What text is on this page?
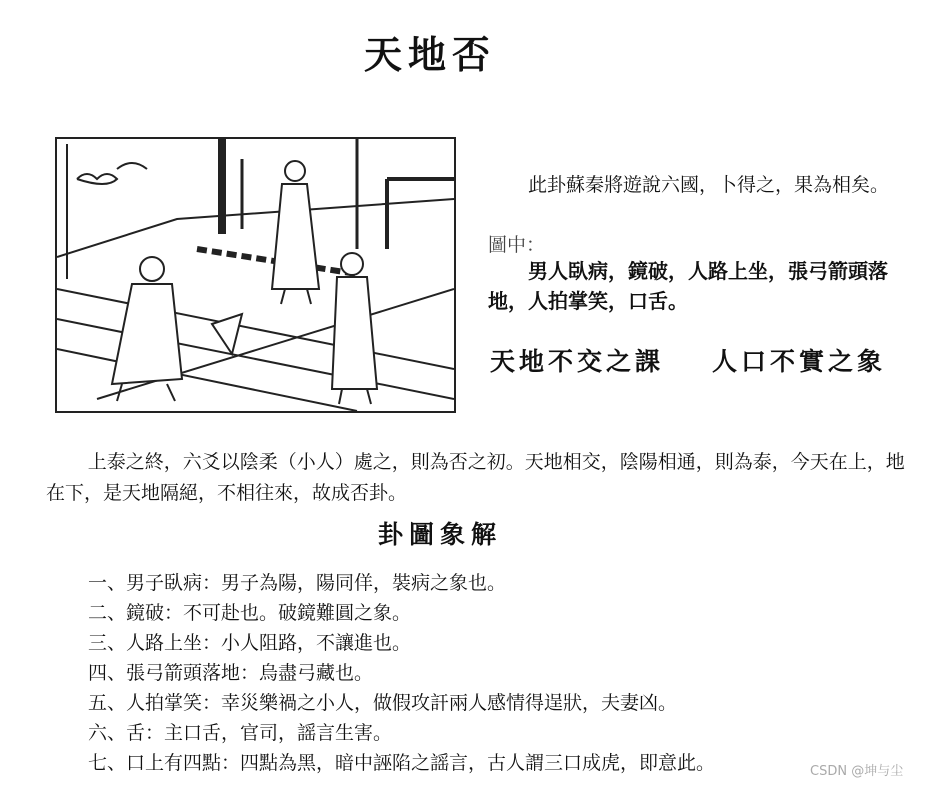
天地否
此卦蘇秦將遊說六國，卜得之，果為相矣。
圖中：
男人臥病，鏡破，人路上坐，張弓箭頭落地，人拍掌笑，口舌。
天地不交之課 人口不實之象
上泰之終，六爻以陰柔（小人）處之，則為否之初。天地相交，陰陽相通，則為泰，今天在上，地在下，是天地隔絕，不相往來，故成否卦。
卦圖象解
一、男子臥病：男子為陽，陽同佯，裝病之象也。
二、鏡破：不可赴也。破鏡難圓之象。
三、人路上坐：小人阻路，不讓進也。
四、張弓箭頭落地：烏盡弓藏也。
五、人拍掌笑：幸災樂禍之小人，做假攻訐兩人感情得逞狀，夫妻凶。
六、舌：主口舌，官司，謡言生害。
七、口上有四點：四點為黑，暗中誣陷之謡言，古人謂三口成虎，即意此。	CSDN @坤与尘
